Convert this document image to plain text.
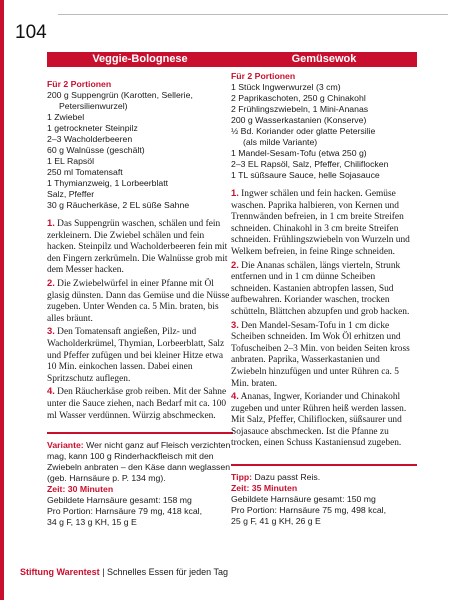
104
Veggie-Bolognese
Für 2 Portionen
200 g Suppengrün (Karotten, Sellerie,
Petersilienwurzel)
1 Zwiebel
1 getrockneter Steinpilz
2–3 Wacholderbeeren
60 g Walnüsse (geschält)
1 EL Rapsöl
250 ml Tomatensaft
1 Thymianzweig, 1 Lorbeerblatt
Salz, Pfeffer
30 g Räucherkäse, 2 EL süße Sahne

1. Das Suppengrün waschen, schälen und fein zerkleinern. Die Zwiebel schälen und fein hacken. Steinpilz und Wacholderbeeren fein mit den Fingern zerkrümeln. Die Walnüsse grob mit dem Messer hacken.

2. Die Zwiebelwürfel in einer Pfanne mit Öl glasig dünsten. Dann das Gemüse und die Nüsse zugeben. Unter Wenden ca. 5 Min. braten, bis alles bräunt.

3. Den Tomatensaft angießen, Pilz- und Wacholderkrümel, Thymian, Lorbeerblatt, Salz und Pfeffer zufügen und bei kleiner Hitze etwa 10 Min. einkochen lassen. Dabei einen Spritzschutz auflegen.

4. Den Räucherkäse grob reiben. Mit der Sahne unter die Sauce ziehen, nach Bedarf mit ca. 100 ml Wasser verdünnen. Würzig abschmecken.

Variante: Wer nicht ganz auf Fleisch verzichten mag, kann 100 g Rinderhackfleisch mit den Zwiebeln anbraten – den Käse dann weglassen (geb. Harnsäure p. P. 134 mg).
Zeit: 30 Minuten
Gebildete Harnsäure gesamt: 158 mg
Pro Portion: Harnsäure 79 mg, 418 kcal,
34 g F, 13 g KH, 15 g E
Gemüsewok
Für 2 Portionen
1 Stück Ingwerwurzel (3 cm)
2 Paprikaschoten, 250 g Chinakohl
2 Frühlingszwiebeln, 1 Mini-Ananas
200 g Wasserkastanien (Konserve)
½ Bd. Koriander oder glatte Petersilie
(als milde Variante)
1 Mandel-Sesam-Tofu (etwa 250 g)
2–3 EL Rapsöl, Salz, Pfeffer, Chiliflocken
1 TL süßsaure Sauce, helle Sojasauce

1. Ingwer schälen und fein hacken. Gemüse waschen. Paprika halbieren, von Kernen und Trennwänden befreien, in 1 cm breite Streifen schneiden. Chinakohl in 3 cm breite Streifen schneiden. Frühlingszwiebeln von Wurzeln und Welkem befreien, in feine Ringe schneiden.

2. Die Ananas schälen, längs vierteln, Strunk entfernen und in 1 cm dünne Scheiben schneiden. Kastanien abtropfen lassen, Sud aufbewahren. Koriander waschen, trocken schütteln, Blättchen abzupfen und grob hacken.

3. Den Mandel-Sesam-Tofu in 1 cm dicke Scheiben schneiden. Im Wok Öl erhitzen und Tofuscheiben 2–3 Min. von beiden Seiten kross anbraten. Paprika, Wasserkastanien und Zwiebeln hinzufügen und unter Rühren ca. 5 Min. braten.

4. Ananas, Ingwer, Koriander und Chinakohl zugeben und unter Rühren heiß werden lassen. Mit Salz, Pfeffer, Chiliflocken, süßsaurer und Sojasauce abschmecken. Ist die Pfanne zu trocken, einen Schuss Kastaniensud zugeben.

Tipp: Dazu passt Reis.
Zeit: 35 Minuten
Gebildete Harnsäure gesamt: 150 mg
Pro Portion: Harnsäure 75 mg, 498 kcal,
25 g F, 41 g KH, 26 g E
Stiftung Warentest | Schnelles Essen für jeden Tag
